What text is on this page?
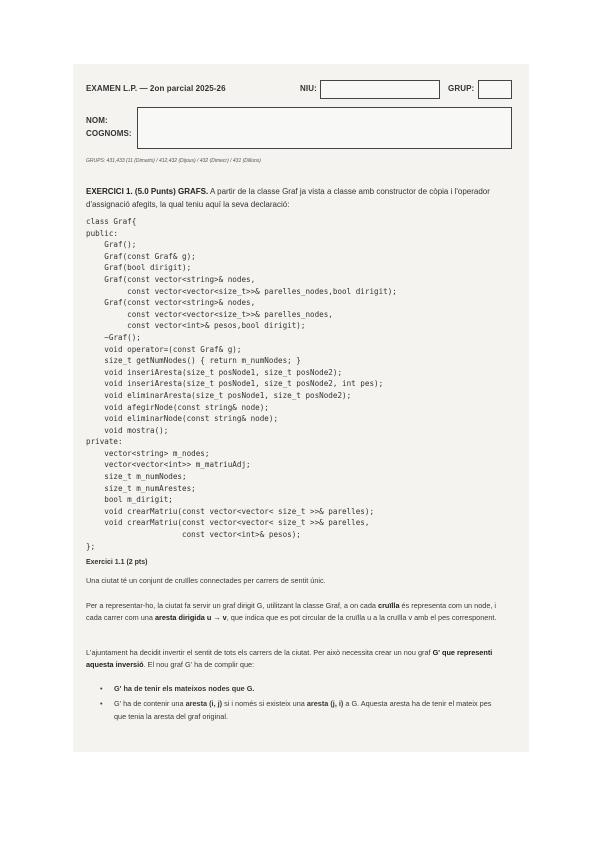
EXAMEN L.P. — 2on parcial 2025-26	NIU:	GRUP:
NOM:
COGNOMS:
GRUPS: 431,433 (11 (Dimarts) / 412,432 (Dijous) / 432 (Dimecr) / 431 (Dilluns)
EXERCICI 1. (5.0 Punts) GRAFS. A partir de la classe Graf ja vista a classe amb constructor de còpia i l'operador d'assignació afegits, la qual teniu aquí la seva declaració:
class Graf{
public:
Graf();
Graf(const Graf& g);
Graf(bool dirigit);
Graf(const vector<string>& nodes,
const vector<vector<size_t>>& parelles_nodes,bool dirigit);
Graf(const vector<string>& nodes,
const vector<vector<size_t>>& parelles_nodes,
const vector<int>& pesos,bool dirigit);
~Graf();
void operator=(const Graf& g);
size_t getNumNodes() { return m_numNodes; }
void inseriAresta(size_t posNode1, size_t posNode2);
void inseriAresta(size_t posNode1, size_t posNode2, int pes);
void eliminarAresta(size_t posNode1, size_t posNode2);
void afegirNode(const string& node);
void eliminarNode(const string& node);
void mostra();
private:
vector<string> m_nodes;
vector<vector<int>> m_matriuAdj;
size_t m_numNodes;
size_t m_numArestes;
bool m_dirigit;
void crearMatriu(const vector<vector< size_t >>& parelles);
void crearMatriu(const vector<vector< size_t >>& parelles,
const vector<int>& pesos);
};
Exercici 1.1 (2 pts)
Una ciutat té un conjunt de cruïlles connectades per carrers de sentit únic.
Per a representar-ho, la ciutat fa servir un graf dirigit G, utilitzant la classe Graf, a on cada cruïlla és representa com un node, i cada carrer com una aresta dirigida u → v, que indica que es pot circular de la cruïlla u a la cruïlla v amb el pes corresponent.
L'ajuntament ha decidit invertir el sentit de tots els carrers de la ciutat. Per això necessita crear un nou graf G' que representi aquesta inversió. El nou graf G' ha de complir que:
• G' ha de tenir els mateixos nodes que G.
• G' ha de contenir una aresta (i, j) si i només si existeix una aresta (j, i) a G. Aquesta aresta ha de tenir el mateix pes que tenia la aresta del graf original.
